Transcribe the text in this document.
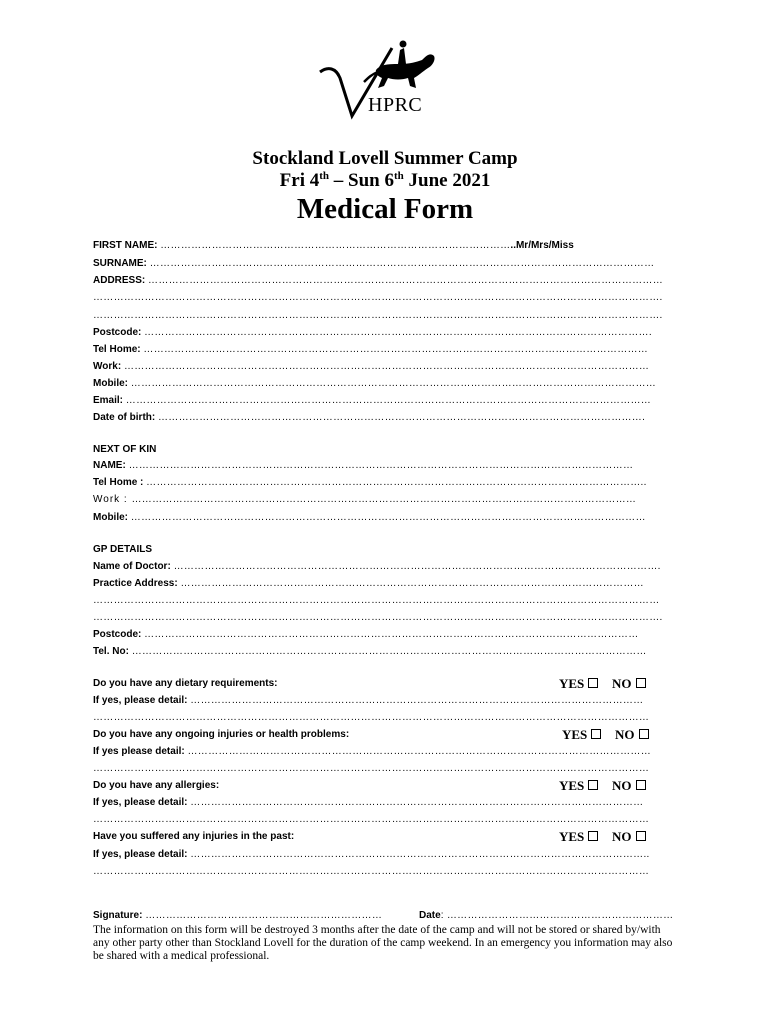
HPRC
Stockland Lovell Summer Camp
Fri 4th – Sun 6th June 2021
Medical Form
FIRST NAME: …………………………………………………………………………………………..Mr/Mrs/Miss
SURNAME: …………………………………………………………………………………………………………………………………
ADDRESS: ……………………………………………………………………………………………………………………………………
………………………………………………………………………………………………………………………………………………….
………………………………………………………………………………………………………………………………………………….
Postcode: ………………………………………………………………………………………………………………………………….
Tel Home: …………………………………………………………………………………………………………………………………
Work: ………………………………………………………………………………………………………………………………………
Mobile: ………………………………………………………………………………………………………………………………………
Email: ………………………………………………………………………………………………………………………………………
Date of birth: …………………………………………………………………………………………………………………………….
NEXT OF KIN
NAME: …………………………………………………………………………………………………………………………………
Tel Home : ………………………………………………………………………………………………………………………………..
Work : …………………………………………………………………………………………………………………………………
Mobile: ……………………………………………………………………………………………………………………………………
GP DETAILS
Name of Doctor: …………………………………………………………………………………………………………………………….
Practice Address: ………………………………………………………………………………………………………………………
…………………………………………………………………………………………………………………………………………………
………………………………………………………………………………………………………………………………………………….
Postcode: ………………………………………………………………………………………………………………………………
Tel. No: ……………………………………………………………………………………………………………………………………
Do you have any dietary requirements:	YES	NO
If yes, please detail: ……………………………………………………………………………………………………………………
………………………………………………………………………………………………………………………………………………
Do you have any ongoing injuries or health problems:	YES	NO
If yes please detail: ………………………………………………………………………………………………………………………
………………………………………………………………………………………………………………………………………………
Do you have any allergies:	YES	NO
If yes, please detail: ……………………………………………………………………………………………………………………
………………………………………………………………………………………………………………………………………………
Have you suffered any injuries in the past:	YES	NO
If yes, please detail: ……………………………………………………………………………………………………………………..
………………………………………………………………………………………………………………………………………………
Signature: ……………………………………………………………	Date: …………………………………………………………
The information on this form will be destroyed 3 months after the date of the camp and will not be stored or shared by/with any other party other than Stockland Lovell for the duration of the camp weekend. In an emergency you information may also be shared with a medical professional.
